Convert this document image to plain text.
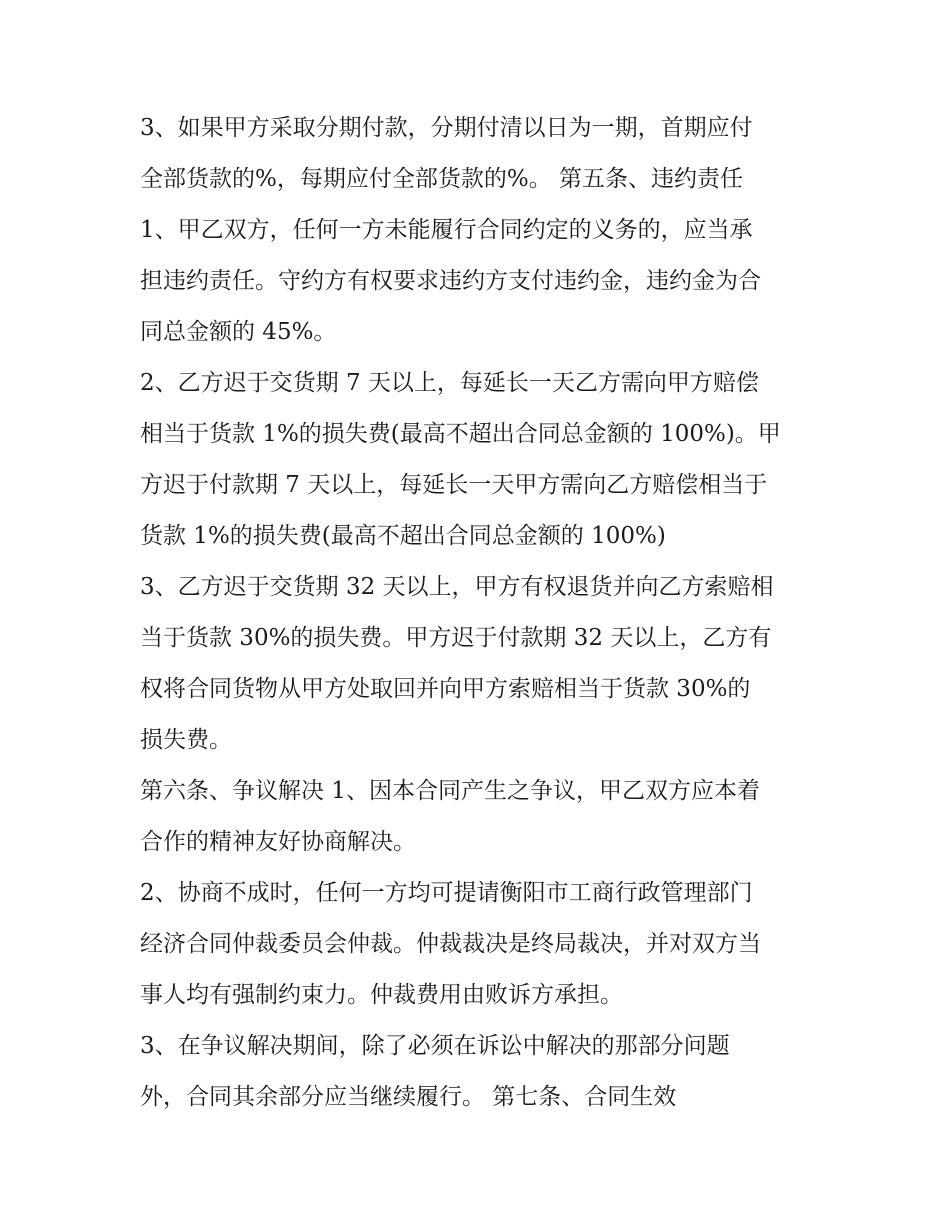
3、如果甲方采取分期付款，分期付清以日为一期，首期应付
全部货款的%，每期应付全部货款的%。 第五条、违约责任
1、甲乙双方，任何一方未能履行合同约定的义务的，应当承
担违约责任。守约方有权要求违约方支付违约金，违约金为合
同总金额的 45%。
2、乙方迟于交货期 7 天以上，每延长一天乙方需向甲方赔偿
相当于货款 1%的损失费(最高不超出合同总金额的 100%)。甲
方迟于付款期 7 天以上，每延长一天甲方需向乙方赔偿相当于
货款 1%的损失费(最高不超出合同总金额的 100%)
3、乙方迟于交货期 32 天以上，甲方有权退货并向乙方索赔相
当于货款 30%的损失费。甲方迟于付款期 32 天以上，乙方有
权将合同货物从甲方处取回并向甲方索赔相当于货款 30%的
损失费。
第六条、争议解决 1、因本合同产生之争议，甲乙双方应本着
合作的精神友好协商解决。
2、协商不成时，任何一方均可提请衡阳市工商行政管理部门
经济合同仲裁委员会仲裁。仲裁裁决是终局裁决，并对双方当
事人均有强制约束力。仲裁费用由败诉方承担。
3、在争议解决期间，除了必须在诉讼中解决的那部分问题
外，合同其余部分应当继续履行。 第七条、合同生效
